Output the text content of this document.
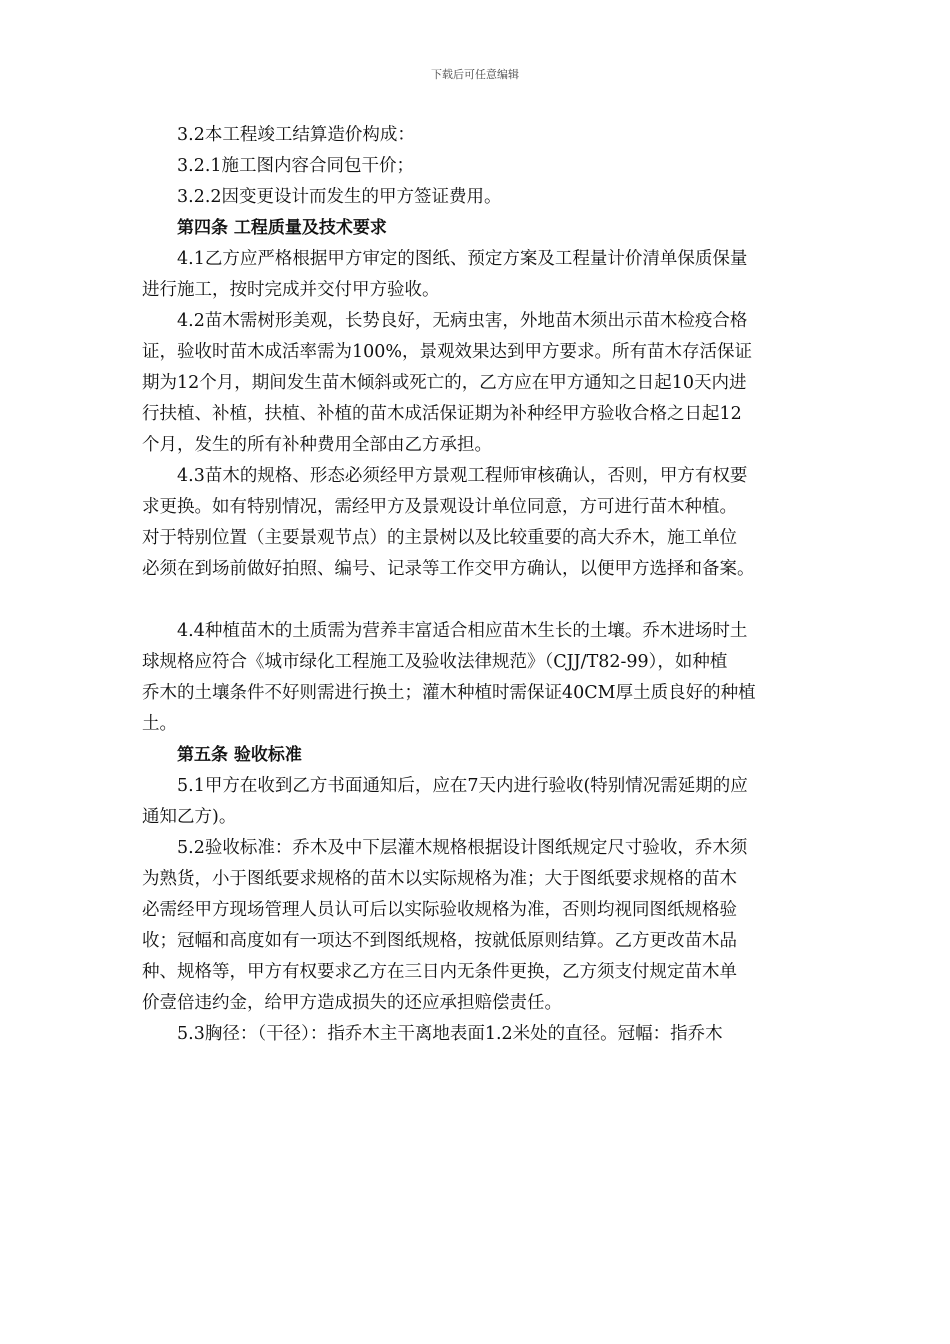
下载后可任意编辑
3.2本工程竣工结算造价构成：
3.2.1施工图内容合同包干价；
3.2.2因变更设计而发生的甲方签证费用。
第四条 工程质量及技术要求
4.1乙方应严格根据甲方审定的图纸、预定方案及工程量计价清单保质保量
进行施工，按时完成并交付甲方验收。
4.2苗木需树形美观，长势良好，无病虫害，外地苗木须出示苗木检疫合格
证，验收时苗木成活率需为100%，景观效果达到甲方要求。所有苗木存活保证
期为12个月，期间发生苗木倾斜或死亡的，乙方应在甲方通知之日起10天内进
行扶植、补植，扶植、补植的苗木成活保证期为补种经甲方验收合格之日起12
个月，发生的所有补种费用全部由乙方承担。
4.3苗木的规格、形态必须经甲方景观工程师审核确认，否则，甲方有权要
求更换。如有特别情况，需经甲方及景观设计单位同意，方可进行苗木种植。
对于特别位置（主要景观节点）的主景树以及比较重要的高大乔木，施工单位
必须在到场前做好拍照、编号、记录等工作交甲方确认，以便甲方选择和备案。
4.4种植苗木的土质需为营养丰富适合相应苗木生长的土壤。乔木进场时土
球规格应符合《城市绿化工程施工及验收法律规范》（CJJ/T82-99），如种植
乔木的土壤条件不好则需进行换土；灌木种植时需保证40CM厚土质良好的种植
土。
第五条 验收标准
5.1甲方在收到乙方书面通知后，应在7天内进行验收(特别情况需延期的应
通知乙方)。
5.2验收标准：乔木及中下层灌木规格根据设计图纸规定尺寸验收，乔木须
为熟货，小于图纸要求规格的苗木以实际规格为准；大于图纸要求规格的苗木
必需经甲方现场管理人员认可后以实际验收规格为准，否则均视同图纸规格验
收；冠幅和高度如有一项达不到图纸规格，按就低原则结算。乙方更改苗木品
种、规格等，甲方有权要求乙方在三日内无条件更换，乙方须支付规定苗木单
价壹倍违约金，给甲方造成损失的还应承担赔偿责任。
5.3胸径：（干径）：指乔木主干离地表面1.2米处的直径。冠幅：指乔木
